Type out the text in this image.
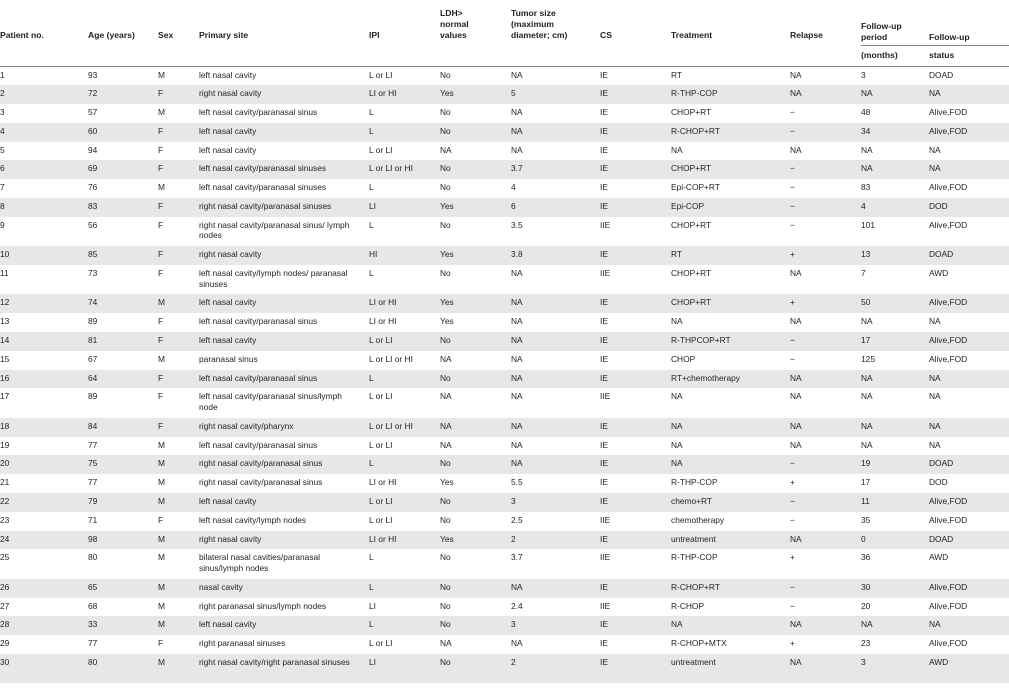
Patient no.	Age (years)	Sex	Primary site	IPI	LDH> normal values	Tumor size (maximum diameter; cm)	CS	Treatment	Relapse	Follow-up period	Follow-up
										(months)	status
1	93	M	left nasal cavity	L or LI	No	NA	IE	RT	NA	3	DOAD
2	72	F	right nasal cavity	LI or HI	Yes	5	IE	R-THP-COP	NA	NA	NA
3	57	M	left nasal cavity/paranasal sinus	L	No	NA	IE	CHOP+RT	−	48	Alive,FOD
4	60	F	left nasal cavity	L	No	NA	IE	R-CHOP+RT	−	34	Alive,FOD
5	94	F	left nasal cavity	L or LI	NA	NA	IE	NA	NA	NA	NA
6	69	F	left nasal cavity/paranasal sinuses	L or LI or HI	No	3.7	IE	CHOP+RT	−	NA	NA
7	76	M	left nasal cavity/paranasal sinuses	L	No	4	IE	Epi-COP+RT	−	83	Alive,FOD
8	83	F	right nasal cavity/paranasal sinuses	LI	Yes	6	IE	Epi-COP	−	4	DOD
9	56	F	right nasal cavity/paranasal sinus/ lymph nodes	L	No	3.5	IIE	CHOP+RT	−	101	Alive,FOD
10	85	F	right nasal cavity	HI	Yes	3.8	IE	RT	+	13	DOAD
11	73	F	left nasal cavity/lymph nodes/ paranasal sinuses	L	No	NA	IIE	CHOP+RT	NA	7	AWD
12	74	M	left nasal cavity	LI or HI	Yes	NA	IE	CHOP+RT	+	50	Alive,FOD
13	89	F	left nasal cavity/paranasal sinus	LI or HI	Yes	NA	IE	NA	NA	NA	NA
14	81	F	left nasal cavity	L or LI	No	NA	IE	R-THPCOP+RT	−	17	Alive,FOD
15	67	M	paranasal sinus	L or LI or HI	NA	NA	IE	CHOP	−	125	Alive,FOD
16	64	F	left nasal cavity/paranasal sinus	L	No	NA	IE	RT+chemotherapy	NA	NA	NA
17	89	F	left nasal cavity/paranasal sinus/lymph node	L or LI	NA	NA	IIE	NA	NA	NA	NA
18	84	F	right nasal cavity/pharynx	L or LI or HI	NA	NA	IE	NA	NA	NA	NA
19	77	M	left nasal cavity/paranasal sinus	L or LI	NA	NA	IE	NA	NA	NA	NA
20	75	M	right nasal cavity/paranasal sinus	L	No	NA	IE	NA	−	19	DOAD
21	77	M	right nasal cavity/paranasal sinus	LI or HI	Yes	5.5	IE	R-THP-COP	+	17	DOD
22	79	M	left nasal cavity	L or LI	No	3	IE	chemo+RT	−	11	Alive,FOD
23	71	F	left nasal cavity/lymph nodes	L or LI	No	2.5	IIE	chemotherapy	−	35	Alive,FOD
24	98	M	right nasal cavity	LI or HI	Yes	2	IE	untreatment	NA	0	DOAD
25	80	M	bilateral nasal cavities/paranasal sinus/lymph nodes	L	No	3.7	IIE	R-THP-COP	+	36	AWD
26	65	M	nasal cavity	L	No	NA	IE	R-CHOP+RT	−	30	Alive,FOD
27	68	M	right paranasal sinus/lymph nodes	LI	No	2.4	IIE	R-CHOP	−	20	Alive,FOD
28	33	M	left nasal cavity	L	No	3	IE	NA	NA	NA	NA
29	77	F	right paranasal sinuses	L or LI	NA	NA	IE	R-CHOP+MTX	+	23	Alive,FOD
30	80	M	right nasal cavity/right paranasal sinuses	LI	No	2	IE	untreatment	NA	3	AWD
